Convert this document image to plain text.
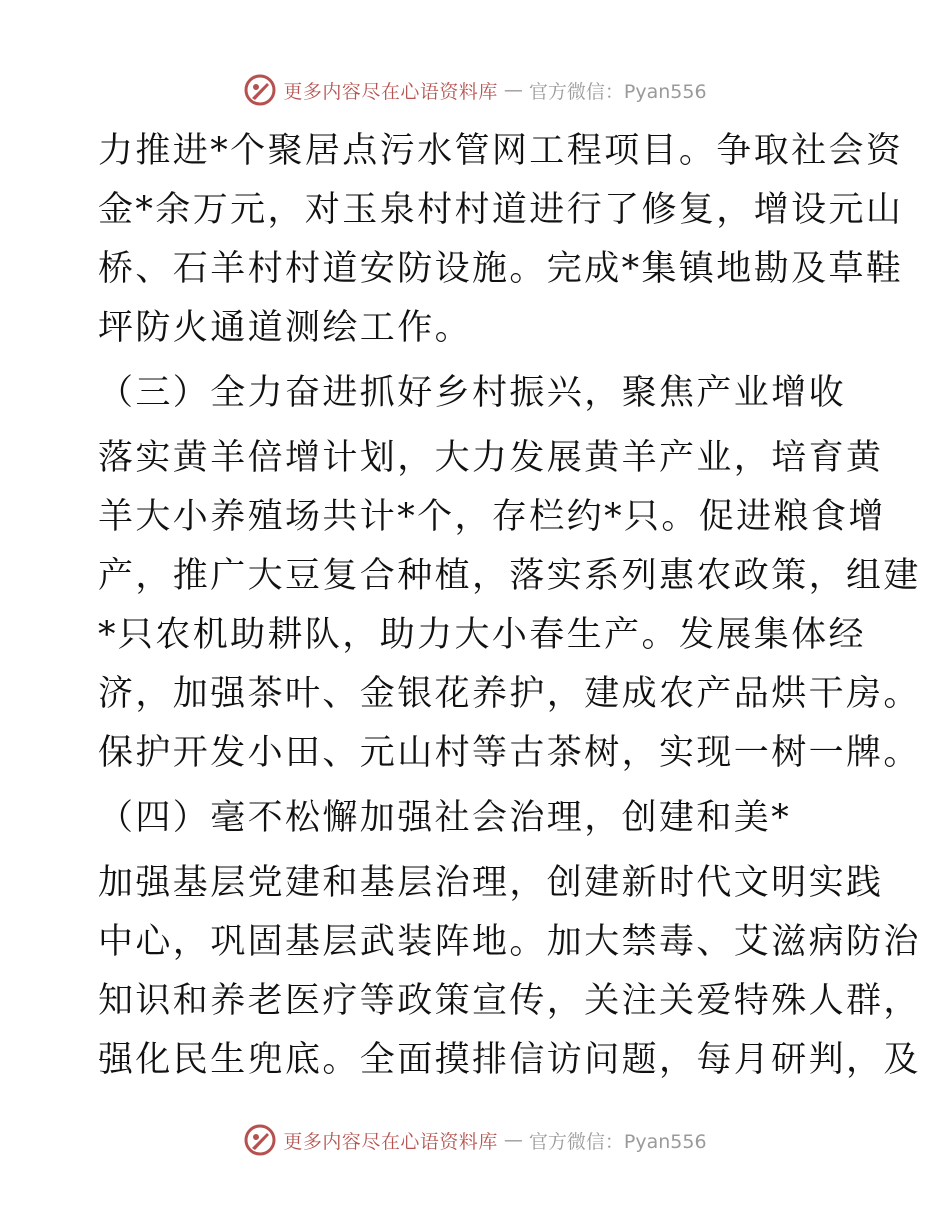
更多内容尽在心语资料库 — 官方微信：Pyan556
力推进*个聚居点污水管网工程项目。争取社会资
金*余万元，对玉泉村村道进行了修复，增设元山
桥、石羊村村道安防设施。完成*集镇地勘及草鞋
坪防火通道测绘工作。
（三）全力奋进抓好乡村振兴，聚焦产业增收
落实黄羊倍增计划，大力发展黄羊产业，培育黄
羊大小养殖场共计*个，存栏约*只。促进粮食增
产，推广大豆复合种植，落实系列惠农政策，组建
*只农机助耕队，助力大小春生产。发展集体经
济，加强茶叶、金银花养护，建成农产品烘干房。
保护开发小田、元山村等古茶树，实现一树一牌。
（四）毫不松懈加强社会治理，创建和美*
加强基层党建和基层治理，创建新时代文明实践
中心，巩固基层武装阵地。加大禁毒、艾滋病防治
知识和养老医疗等政策宣传，关注关爱特殊人群，
强化民生兜底。全面摸排信访问题，每月研判，及
更多内容尽在心语资料库 — 官方微信：Pyan556
